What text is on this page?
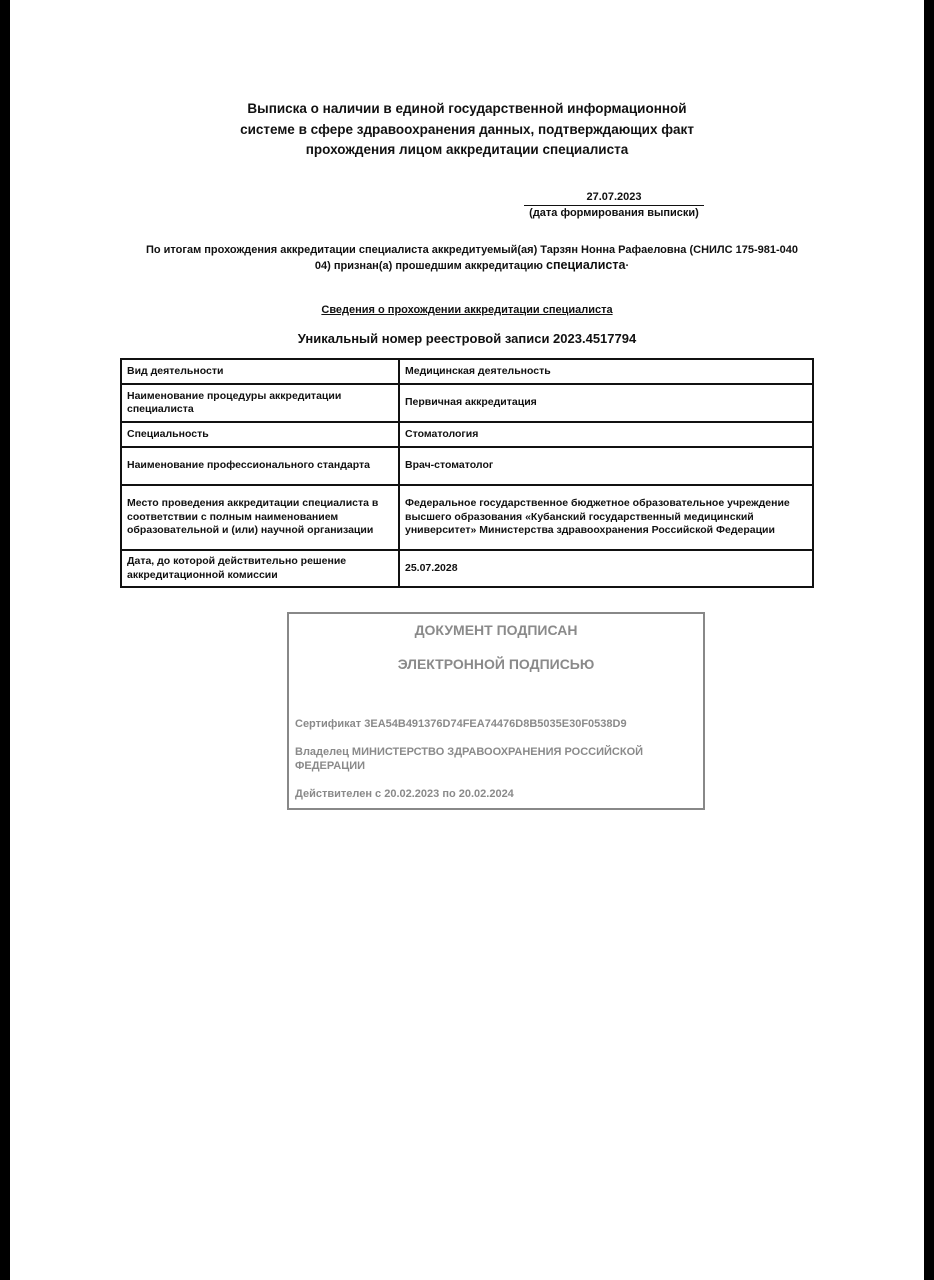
Выписка о наличии в единой государственной информационной
системе в сфере здравоохранения данных, подтверждающих факт
прохождения лицом аккредитации специалиста
27.07.2023
(дата формирования выписки)
По итогам прохождения аккредитации специалиста аккредитуемый(ая) Тарзян Нонна Рафаеловна (СНИЛС 175-981-040
04) признан(а) прошедшим аккредитацию специалиста·
Сведения о прохождении аккредитации специалиста
Уникальный номер реестровой записи 2023.4517794
Вид деятельности	Медицинская деятельность
Наименование процедуры аккредитации специалиста	Первичная аккредитация
Специальность	Стоматология
Наименование профессионального стандарта	Врач-стоматолог
Место проведения аккредитации специалиста в соответствии с полным наименованием образовательной и (или) научной организации	Федеральное государственное бюджетное образовательное учреждение высшего образования «Кубанский государственный медицинский университет» Министерства здравоохранения Российской Федерации
Дата, до которой действительно решение аккредитационной комиссии	25.07.2028
ДОКУМЕНТ ПОДПИСАН
ЭЛЕКТРОННОЙ ПОДПИСЬЮ
Сертификат 3EA54B491376D74FEA74476D8B5035E30F0538D9
Владелец МИНИСТЕРСТВО ЗДРАВООХРАНЕНИЯ РОССИЙСКОЙ ФЕДЕРАЦИИ
Действителен с 20.02.2023 по 20.02.2024
